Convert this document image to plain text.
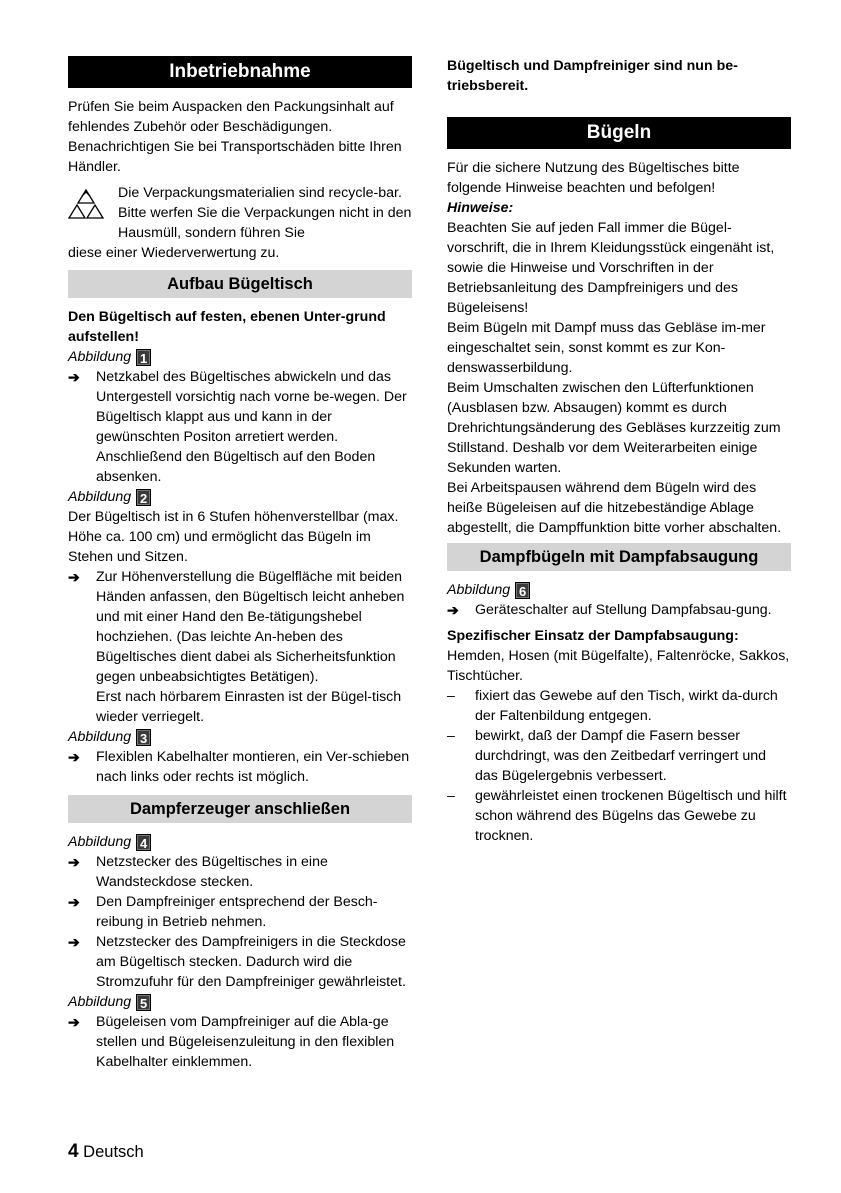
Inbetriebnahme

Prüfen Sie beim Auspacken den Packungsinhalt auf fehlendes Zubehör oder Beschädigungen. Benachrichtigen Sie bei Transportschäden bitte Ihren Händler.

Die Verpackungsmaterialien sind recycle-bar. Bitte werfen Sie die Verpackungen nicht in den Hausmüll, sondern führen Sie

diese einer Wiederverwertung zu.

Aufbau Bügeltisch

Den Bügeltisch auf festen, ebenen Unter-grund aufstellen!

Abbildung 1
➔	Netzkabel des Bügeltisches abwickeln und das Untergestell vorsichtig nach vorne be-wegen. Der Bügeltisch klappt aus und kann in der gewünschten Positon arretiert werden. Anschließend den Bügeltisch auf den Boden absenken.
Abbildung 2

Der Bügeltisch ist in 6 Stufen höhenverstellbar (max. Höhe ca. 100 cm) und ermöglicht das Bügeln im Stehen und Sitzen.

➔	Zur Höhenverstellung die Bügelfläche mit beiden Händen anfassen, den Bügeltisch leicht anheben und mit einer Hand den Be-tätigungshebel hochziehen. (Das leichte An-heben des Bügeltisches dient dabei als Sicherheitsfunktion gegen unbeabsichtigtes Betätigen).

Erst nach hörbarem Einrasten ist der Bügel-tisch wieder verriegelt.

Abbildung 3
➔	Flexiblen Kabelhalter montieren, ein Ver-schieben nach links oder rechts ist möglich.
Dampferzeuger anschließen
Abbildung 4
➔	Netzstecker des Bügeltisches in eine Wandsteckdose stecken.
➔	Den Dampfreiniger entsprechend der Besch-reibung in Betrieb nehmen.
➔	Netzstecker des Dampfreinigers in die Steckdose am Bügeltisch stecken. Dadurch wird die Stromzufuhr für den Dampfreiniger gewährleistet.
Abbildung 5
➔	Bügeleisen vom Dampfreiniger auf die Abla-ge stellen und Bügeleisenzuleitung in den flexiblen Kabelhalter einklemmen.

Bügeltisch und Dampfreiniger sind nun be-triebsbereit.

Bügeln

Für die sichere Nutzung des Bügeltisches bitte folgende Hinweise beachten und befolgen!

Hinweise:

Beachten Sie auf jeden Fall immer die Bügel-vorschrift, die in Ihrem Kleidungsstück eingenäht ist, sowie die Hinweise und Vorschriften in der Betriebsanleitung des Dampfreinigers und des Bügeleisens!

Beim Bügeln mit Dampf muss das Gebläse im-mer eingeschaltet sein, sonst kommt es zur Kon-denswasserbildung.

Beim Umschalten zwischen den Lüfterfunktionen (Ausblasen bzw. Absaugen) kommt es durch Drehrichtungsänderung des Gebläses kurzzeitig zum Stillstand. Deshalb vor dem Weiterarbeiten einige Sekunden warten.

Bei Arbeitspausen während dem Bügeln wird des heiße Bügeleisen auf die hitzebeständige Ablage abgestellt, die Dampffunktion bitte vorher abschalten.

Dampfbügeln mit Dampfabsaugung
Abbildung 6
➔	Geräteschalter auf Stellung Dampfabsau-gung.

Spezifischer Einsatz der Dampfabsaugung:

Hemden, Hosen (mit Bügelfalte), Faltenröcke, Sakkos, Tischtücher.

–	fixiert das Gewebe auf den Tisch, wirkt da-durch der Faltenbildung entgegen.
–	bewirkt, daß der Dampf die Fasern besser durchdringt, was den Zeitbedarf verringert und das Bügelergebnis verbessert.
–	gewährleistet einen trockenen Bügeltisch und hilft schon während des Bügelns das Gewebe zu trocknen.
4 Deutsch
